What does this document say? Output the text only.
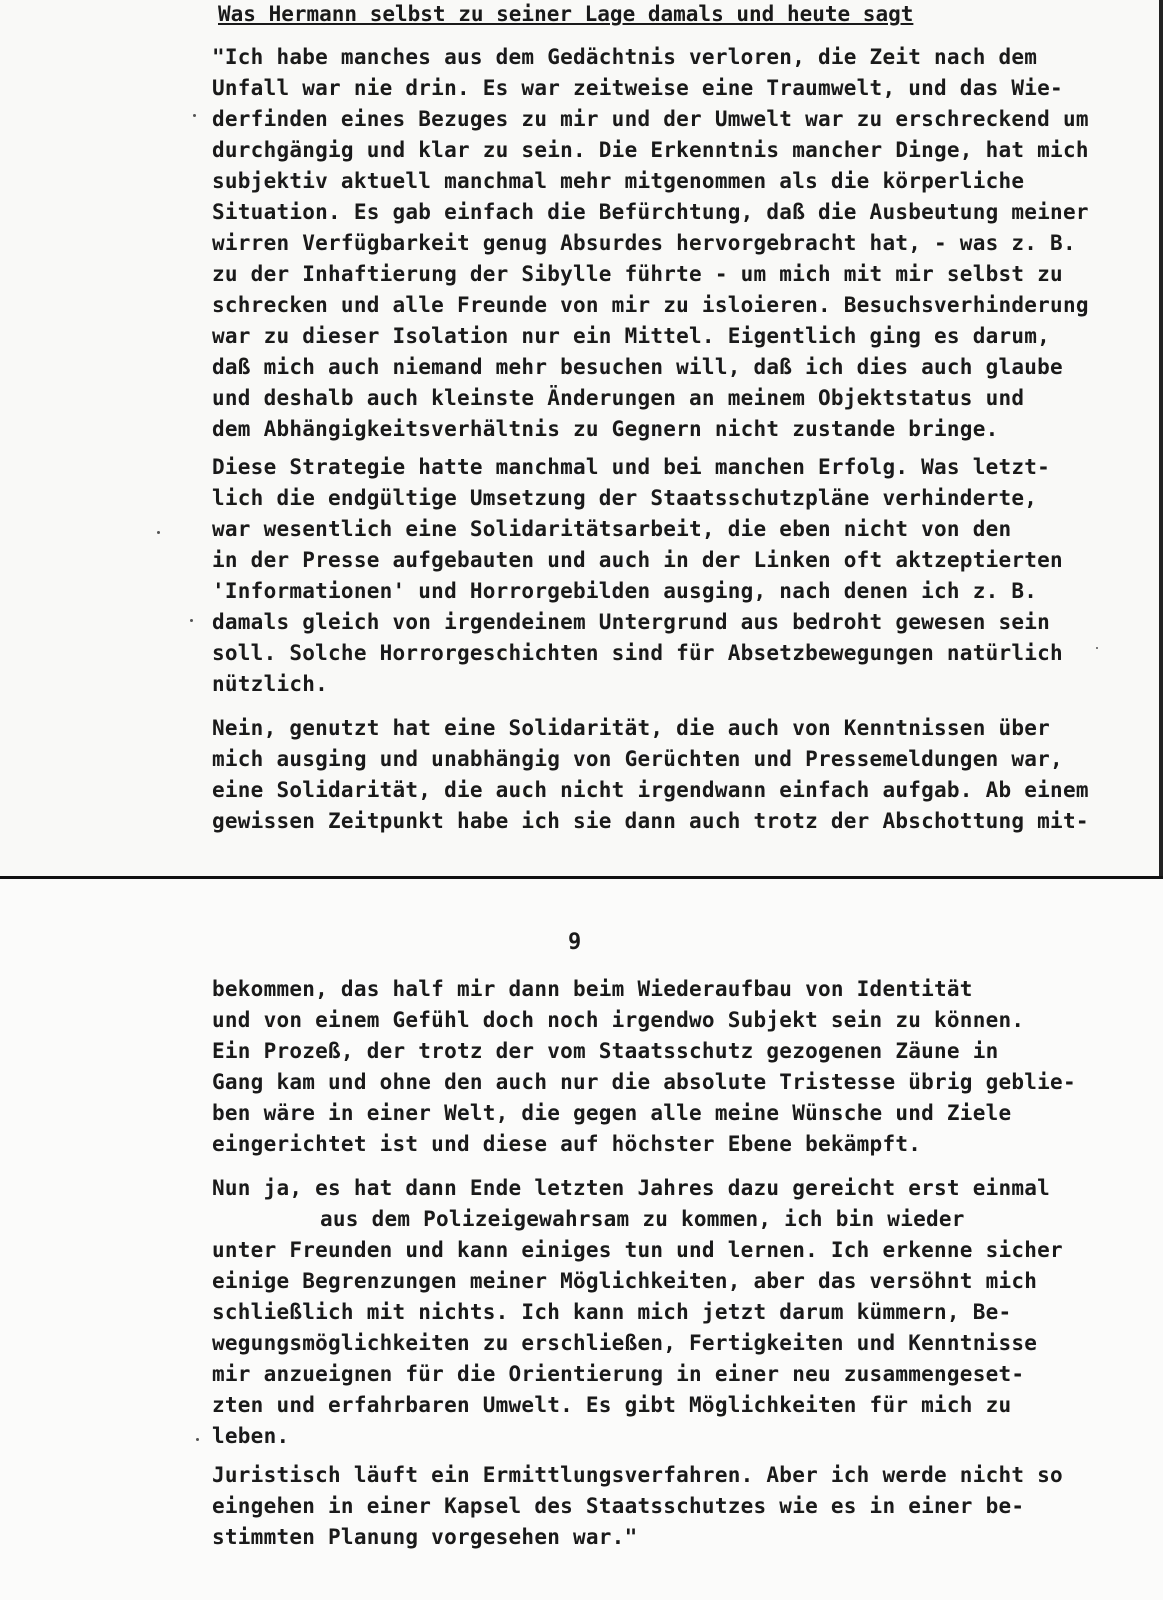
Was Hermann selbst zu seiner Lage damals und heute sagt
"Ich habe manches aus dem Gedächtnis verloren, die Zeit nach dem
Unfall war nie drin. Es war zeitweise eine Traumwelt, und das Wie-
derfinden eines Bezuges zu mir und der Umwelt war zu erschreckend um
durchgängig und klar zu sein. Die Erkenntnis mancher Dinge, hat mich
subjektiv aktuell manchmal mehr mitgenommen als die körperliche
Situation. Es gab einfach die Befürchtung, daß die Ausbeutung meiner
wirren Verfügbarkeit genug Absurdes hervorgebracht hat, - was z. B.
zu der Inhaftierung der Sibylle führte - um mich mit mir selbst zu
schrecken und alle Freunde von mir zu isloieren. Besuchsverhinderung
war zu dieser Isolation nur ein Mittel. Eigentlich ging es darum,
daß mich auch niemand mehr besuchen will, daß ich dies auch glaube
und deshalb auch kleinste Änderungen an meinem Objektstatus und
dem Abhängigkeitsverhältnis zu Gegnern nicht zustande bringe.
Diese Strategie hatte manchmal und bei manchen Erfolg. Was letzt-
lich die endgültige Umsetzung der Staatsschutzpläne verhinderte,
war wesentlich eine Solidaritätsarbeit, die eben nicht von den
in der Presse aufgebauten und auch in der Linken oft aktzeptierten
'Informationen' und Horrorgebilden ausging, nach denen ich z. B.
damals gleich von irgendeinem Untergrund aus bedroht gewesen sein
soll. Solche Horrorgeschichten sind für Absetzbewegungen natürlich
nützlich.
Nein, genutzt hat eine Solidarität, die auch von Kenntnissen über
mich ausging und unabhängig von Gerüchten und Pressemeldungen war,
eine Solidarität, die auch nicht irgendwann einfach aufgab. Ab einem
gewissen Zeitpunkt habe ich sie dann auch trotz der Abschottung mit-
9
bekommen, das half mir dann beim Wiederaufbau von Identität
und von einem Gefühl doch noch irgendwo Subjekt sein zu können.
Ein Prozeß, der trotz der vom Staatsschutz gezogenen Zäune in
Gang kam und ohne den auch nur die absolute Tristesse übrig geblie-
ben wäre in einer Welt, die gegen alle meine Wünsche und Ziele
eingerichtet ist und diese auf höchster Ebene bekämpft.
Nun ja, es hat dann Ende letzten Jahres dazu gereicht erst einmal
aus dem Polizeigewahrsam zu kommen, ich bin wieder
unter Freunden und kann einiges tun und lernen. Ich erkenne sicher
einige Begrenzungen meiner Möglichkeiten, aber das versöhnt mich
schließlich mit nichts. Ich kann mich jetzt darum kümmern, Be-
wegungsmöglichkeiten zu erschließen, Fertigkeiten und Kenntnisse
mir anzueignen für die Orientierung in einer neu zusammengeset-
zten und erfahrbaren Umwelt. Es gibt Möglichkeiten für mich zu
leben.
Juristisch läuft ein Ermittlungsverfahren. Aber ich werde nicht so
eingehen in einer Kapsel des Staatsschutzes wie es in einer be-
stimmten Planung vorgesehen war."
